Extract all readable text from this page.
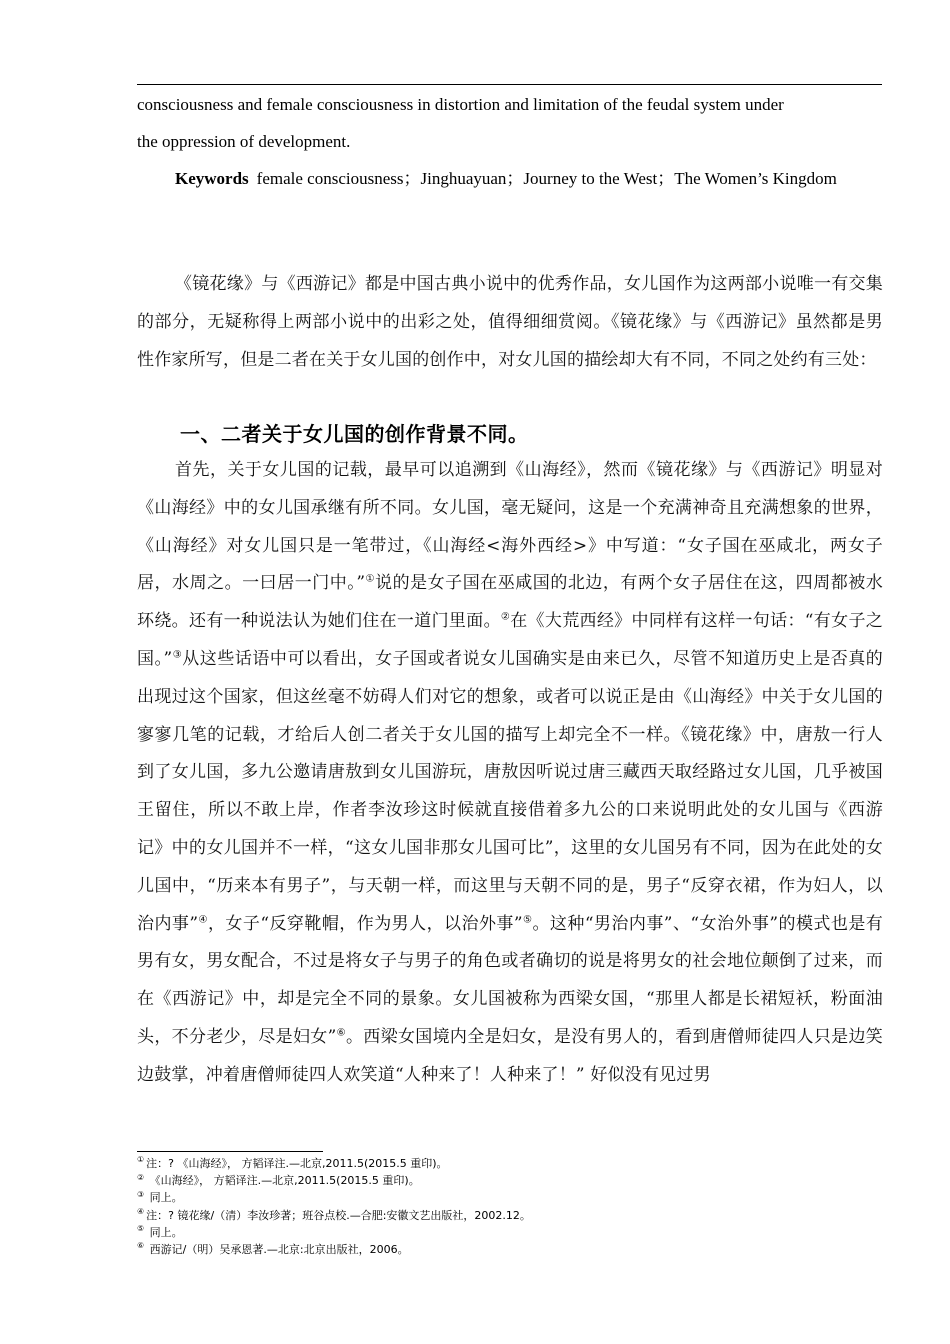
consciousness and female consciousness in distortion and limitation of the feudal system under

the oppression of development.

Keywords female consciousness；Jinghuayuan；Journey to the West；The Women’s Kingdom

《镜花缘》与《西游记》都是中国古典小说中的优秀作品，女儿国作为这两部小说唯一有交集的部分，无疑称得上两部小说中的出彩之处，值得细细赏阅。《镜花缘》与《西游记》虽然都是男性作家所写，但是二者在关于女儿国的创作中，对女儿国的描绘却大有不同，不同之处约有三处：

一、二者关于女儿国的创作背景不同。

首先，关于女儿国的记载，最早可以追溯到《山海经》，然而《镜花缘》与《西游记》明显对《山海经》中的女儿国承继有所不同。女儿国，毫无疑问，这是一个充满神奇且充满想象的世界，《山海经》对女儿国只是一笔带过，《山海经<海外西经>》中写道：“女子国在巫咸北，两女子居，水周之。一曰居一门中。”①说的是女子国在巫咸国的北边，有两个女子居住在这，四周都被水环绕。还有一种说法认为她们住在一道门里面。②在《大荒西经》中同样有这样一句话：“有女子之国。”③从这些话语中可以看出，女子国或者说女儿国确实是由来已久，尽管不知道历史上是否真的出现过这个国家，但这丝毫不妨碍人们对它的想象，或者可以说正是由《山海经》中关于女儿国的寥寥几笔的记载，才给后人创二者关于女儿国的描写上却完全不一样。《镜花缘》中，唐敖一行人到了女儿国，多九公邀请唐敖到女儿国游玩，唐敖因听说过唐三藏西天取经路过女儿国，几乎被国王留住，所以不敢上岸，作者李汝珍这时候就直接借着多九公的口来说明此处的女儿国与《西游记》中的女儿国并不一样，“这女儿国非那女儿国可比”，这里的女儿国另有不同，因为在此处的女儿国中，“历来本有男子”，与天朝一样，而这里与天朝不同的是，男子“反穿衣裙，作为妇人，以治内事”④，女子“反穿靴帽，作为男人，以治外事”⑤。这种“男治内事”、“女治外事”的模式也是有男有女，男女配合，不过是将女子与男子的角色或者确切的说是将男女的社会地位颠倒了过来，而在《西游记》中，却是完全不同的景象。女儿国被称为西梁女国，“那里人都是长裙短袄，粉面油头，不分老少，尽是妇女”⑥。西梁女国境内全是妇女，是没有男人的，看到唐僧师徒四人只是边笑边鼓掌，冲着唐僧师徒四人欢笑道“人种来了！人种来了！” 好似没有见过男

① 注：? 《山海经》， 方韬译注.—北京,2011.5(2015.5 重印)。

② 《山海经》， 方韬译注.—北京,2011.5(2015.5 重印)。

③ 同上。

④ 注：? 镜花缘/（清）李汝珍著；班谷点校.—合肥:安徽文艺出版社，2002.12。

⑤ 同上。

⑥ 西游记/（明）吴承恩著.—北京:北京出版社，2006。
